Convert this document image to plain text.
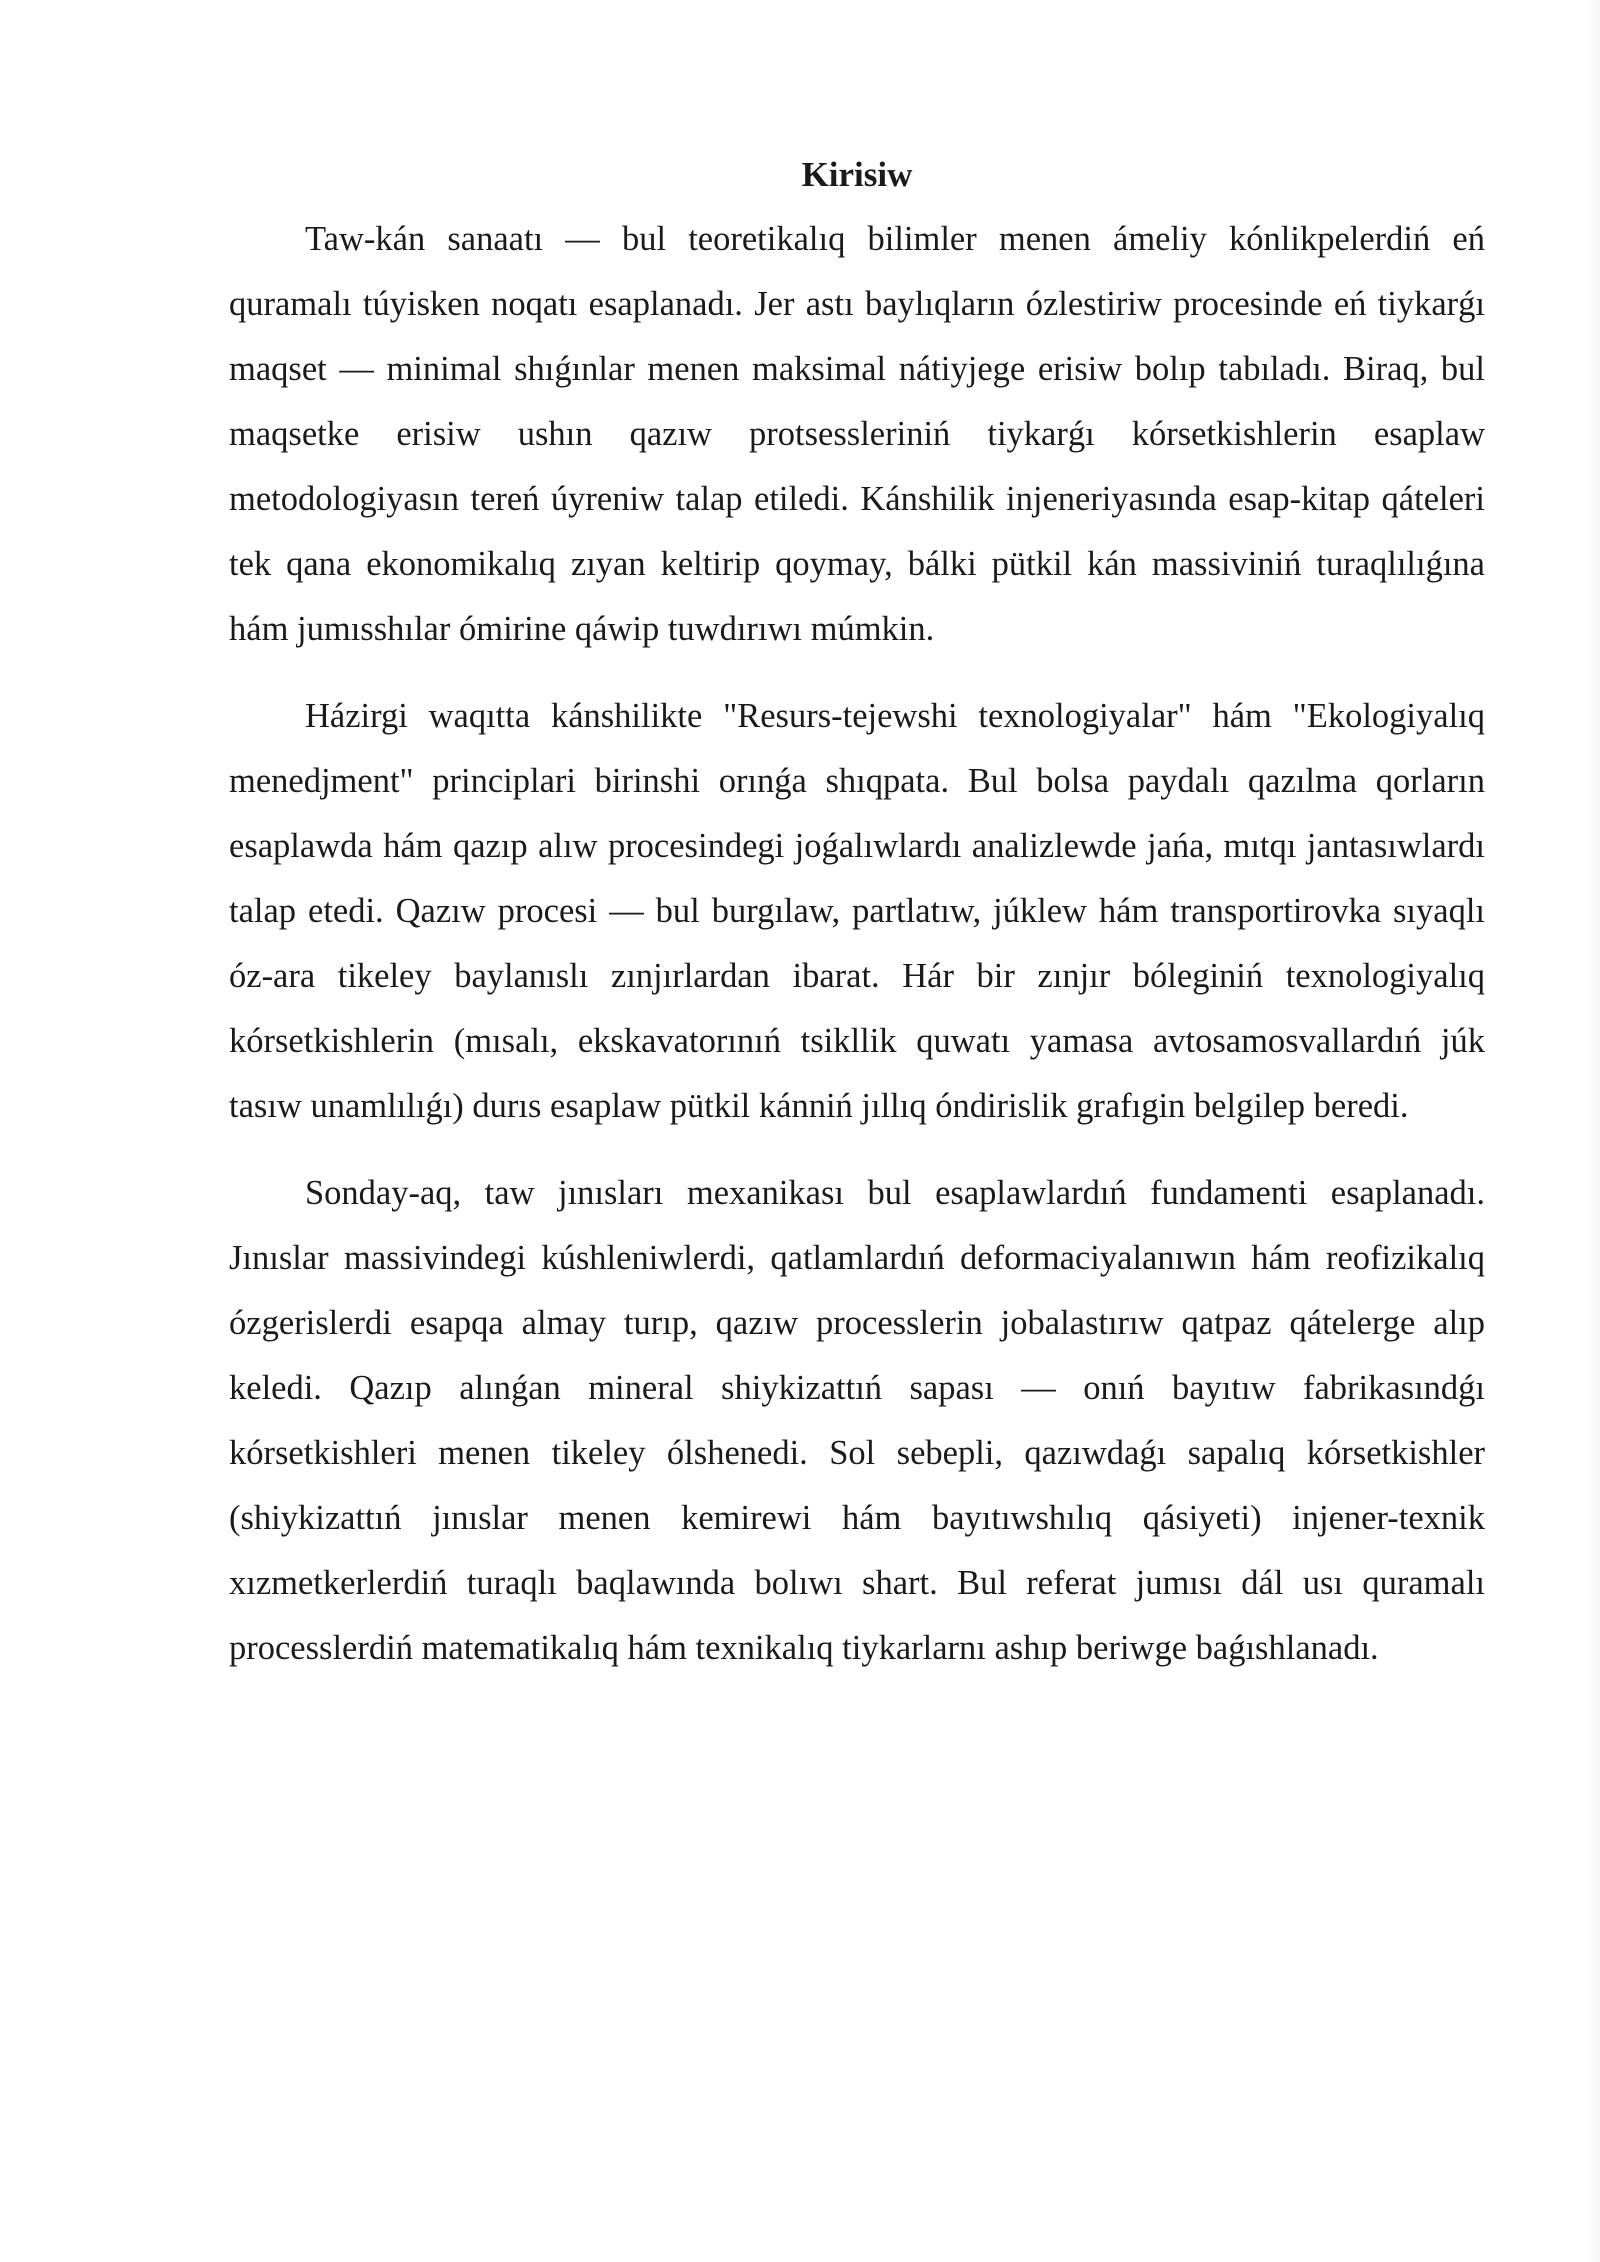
Kirisiw

Taw-kán sanaatı — bul teoretikalıq bilimler menen ámeliy kónlikpelerdiń eń quramalı túyisken noqatı esaplanadı. Jer astı baylıqların ózlestiriw procesinde eń tiykarǵı maqset — minimal shıǵınlar menen maksimal nátiyjege erisiw bolıp tabıladı. Biraq, bul maqsetke erisiw ushın qazıw protsessleriniń tiykarǵı kórsetkishlerin esaplaw metodologiyasın tereń úyreniw talap etiledi. Kánshilik injeneriyasında esap-kitap qáteleri tek qana ekonomikalıq zıyan keltirip qoymay, bálki pütkil kán massiviniń turaqlılıǵına hám jumısshılar ómirine qáwip tuwdırıwı múmkin.

Házirgi waqıtta kánshilikte "Resurs-tejewshi texnologiyalar" hám "Ekologiyalıq menedjment" principlari birinshi orınǵa shıqpata. Bul bolsa paydalı qazılma qorların esaplawda hám qazıp alıw procesindegi joǵalıwlardı analizlewde jańa, mıtqı jantasıwlardı talap etedi. Qazıw procesi — bul burgılaw, partlatıw, júklew hám transportirovka sıyaqlı óz-ara tikeley baylanıslı zınjırlardan ibarat. Hár bir zınjır bóleginiń texnologiyalıq kórsetkishlerin (mısalı, ekskavatorınıń tsikllik quwatı yamasa avtosamosvallardıń júk tasıw unamlılıǵı) durıs esaplaw pütkil kánniń jıllıq óndirislik grafıgin belgilep beredi.

Sonday-aq, taw jınısları mexanikası bul esaplawlardıń fundamenti esaplanadı. Jınıslar massivindegi kúshleniwlerdi, qatlamlardıń deformaciyalanıwın hám reofizikalıq ózgerislerdi esapqa almay turıp, qazıw processlerin jobalastırıw qatpaz qátelerge alıp keledi. Qazıp alınǵan mineral shiykizattıń sapası — onıń bayıtıw fabrikasındǵı kórsetkishleri menen tikeley ólshenedi. Sol sebepli, qazıwdaǵı sapalıq kórsetkishler (shiykizattıń jınıslar menen kemirewi hám bayıtıwshılıq qásiyeti) injener-texnik xızmetkerlerdiń turaqlı baqlawında bolıwı shart. Bul referat jumısı dál usı quramalı processlerdiń matematikalıq hám texnikalıq tiykarlarnı ashıp beriwge baǵıshlanadı.
